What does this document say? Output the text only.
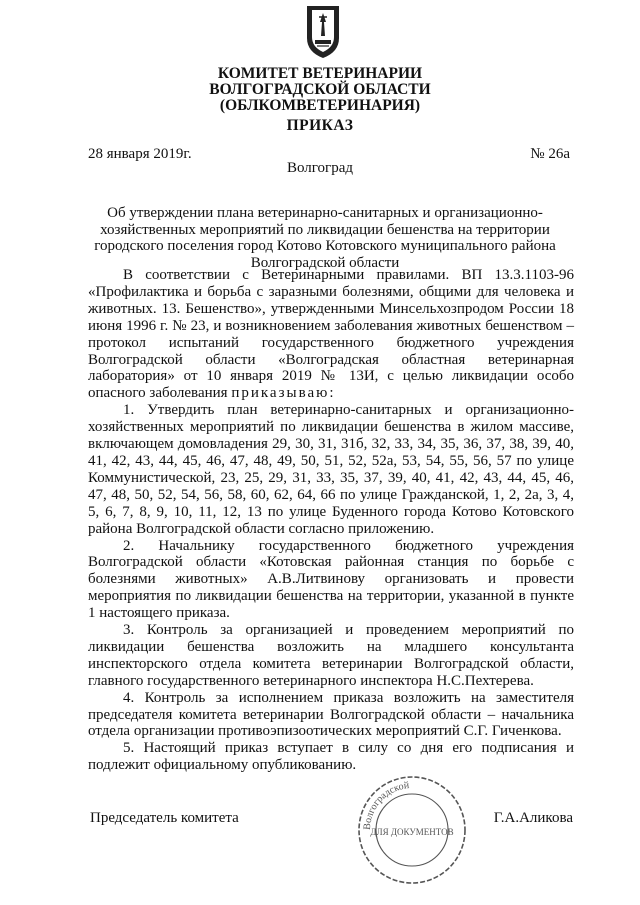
КОМИТЕТ ВЕТЕРИНАРИИ
ВОЛГОГРАДСКОЙ ОБЛАСТИ
(ОБЛКОМВЕТЕРИНАРИЯ)
ПРИКАЗ
28 января 2019г.	№ 26а
Волгоград
Об утверждении плана ветеринарно-санитарных и организационно-
хозяйственных мероприятий по ликвидации бешенства на территории
городского поселения город Котово Котовского муниципального района
Волгоградской области

В соответствии с Ветеринарными правилами. ВП 13.3.1103-96 «Профилактика и борьба с заразными болезнями, общими для человека и животных. 13. Бешенство», утвержденными Минсельхозпродом России 18 июня 1996 г. № 23, и возникновением заболевания животных бешенством – протокол испытаний государственного бюджетного учреждения Волгоградской области «Волгоградская областная ветеринарная лаборатория» от 10 января 2019 № 13И, с целью ликвидации особо опасного заболевания приказываю:

1. Утвердить план ветеринарно-санитарных и организационно-хозяйственных мероприятий по ликвидации бешенства в жилом массиве, включающем домовладения 29, 30, 31, 31б, 32, 33, 34, 35, 36, 37, 38, 39, 40, 41, 42, 43, 44, 45, 46, 47, 48, 49, 50, 51, 52, 52а, 53, 54, 55, 56, 57 по улице Коммунистической, 23, 25, 29, 31, 33, 35, 37, 39, 40, 41, 42, 43, 44, 45, 46, 47, 48, 50, 52, 54, 56, 58, 60, 62, 64, 66 по улице Гражданской, 1, 2, 2а, 3, 4, 5, 6, 7, 8, 9, 10, 11, 12, 13 по улице Буденного города Котово Котовского района Волгоградской области согласно приложению.

2. Начальнику государственного бюджетного учреждения Волгоградской области «Котовская районная станция по борьбе с болезнями животных» А.В.Литвинову организовать и провести мероприятия по ликвидации бешенства на территории, указанной в пункте 1 настоящего приказа.

3. Контроль за организацией и проведением мероприятий по ликвидации бешенства возложить на младшего консультанта инспекторского отдела комитета ветеринарии Волгоградской области, главного государственного ветеринарного инспектора Н.С.Пехтерева.

4. Контроль за исполнением приказа возложить на заместителя председателя комитета ветеринарии Волгоградской области – начальника отдела организации противоэпизоотических мероприятий С.Г. Гиченкова.

5. Настоящий приказ вступает в силу со дня его подписания и подлежит официальному опубликованию.

Председатель комитета	Г.А.Аликова
Волгоградской
ДЛЯ ДОКУМЕНТОВ
